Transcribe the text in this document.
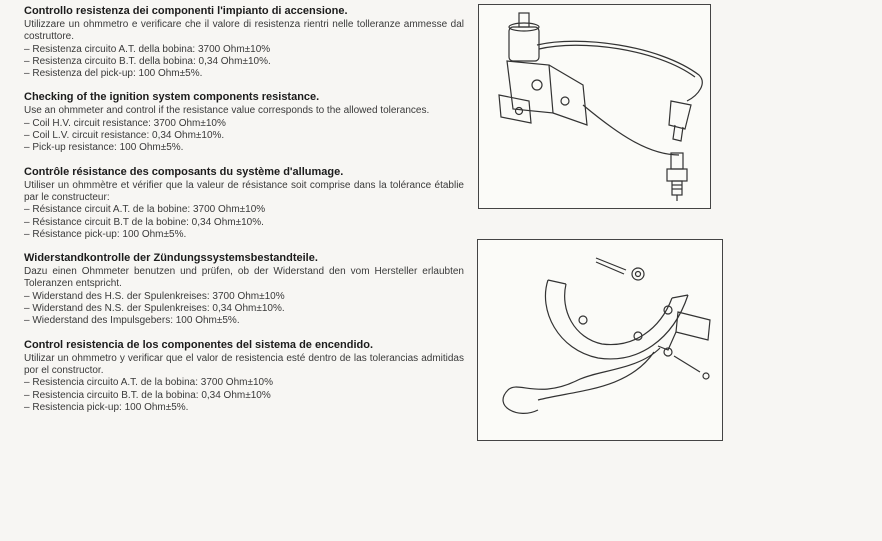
Controllo resistenza dei componenti l'impianto di accensione.

Utilizzare un ohmmetro e verificare che il valore di resistenza rientri nelle tolleranze ammesse dal costruttore.

– Resistenza circuito A.T. della bobina: 3700 Ohm±10%
– Resistenza circuito B.T. della bobina: 0,34 Ohm±10%.
– Resistenza del pick-up: 100 Ohm±5%.
Checking of the ignition system components resistance.

Use an ohmmeter and control if the resistance value corresponds to the allowed tolerances.

– Coil H.V. circuit resistance: 3700 Ohm±10%
– Coil L.V. circuit resistance: 0,34 Ohm±10%.
– Pick-up resistance: 100 Ohm±5%.
Contrôle résistance des composants du système d'allumage.

Utiliser un ohmmètre et vérifier que la valeur de résistance soit comprise dans la tolérance établie par le constructeur:

– Résistance circuit A.T. de la bobine: 3700 Ohm±10%
– Résistance circuit B.T de la bobine: 0,34 Ohm±10%.
– Résistance pick-up: 100 Ohm±5%.
Widerstandkontrolle der Zündungssystemsbestandteile.

Dazu einen Ohmmeter benutzen und prüfen, ob der Widerstand den vom Hersteller erlaubten Toleranzen entspricht.

– Widerstand des H.S. der Spulenkreises: 3700 Ohm±10%
– Widerstand des N.S. der Spulenkreises: 0,34 Ohm±10%.
– Wiederstand des Impulsgebers: 100 Ohm±5%.
Control resistencia de los componentes del sistema de encendido.

Utilizar un ohmmetro y verificar que el valor de resistencia esté dentro de las tolerancias admitidas por el constructor.

– Resistencia circuito A.T. de la bobina: 3700 Ohm±10%
– Resistencia circuito B.T. de la bobina: 0,34 Ohm±10%
– Resistencia pick-up: 100 Ohm±5%.
